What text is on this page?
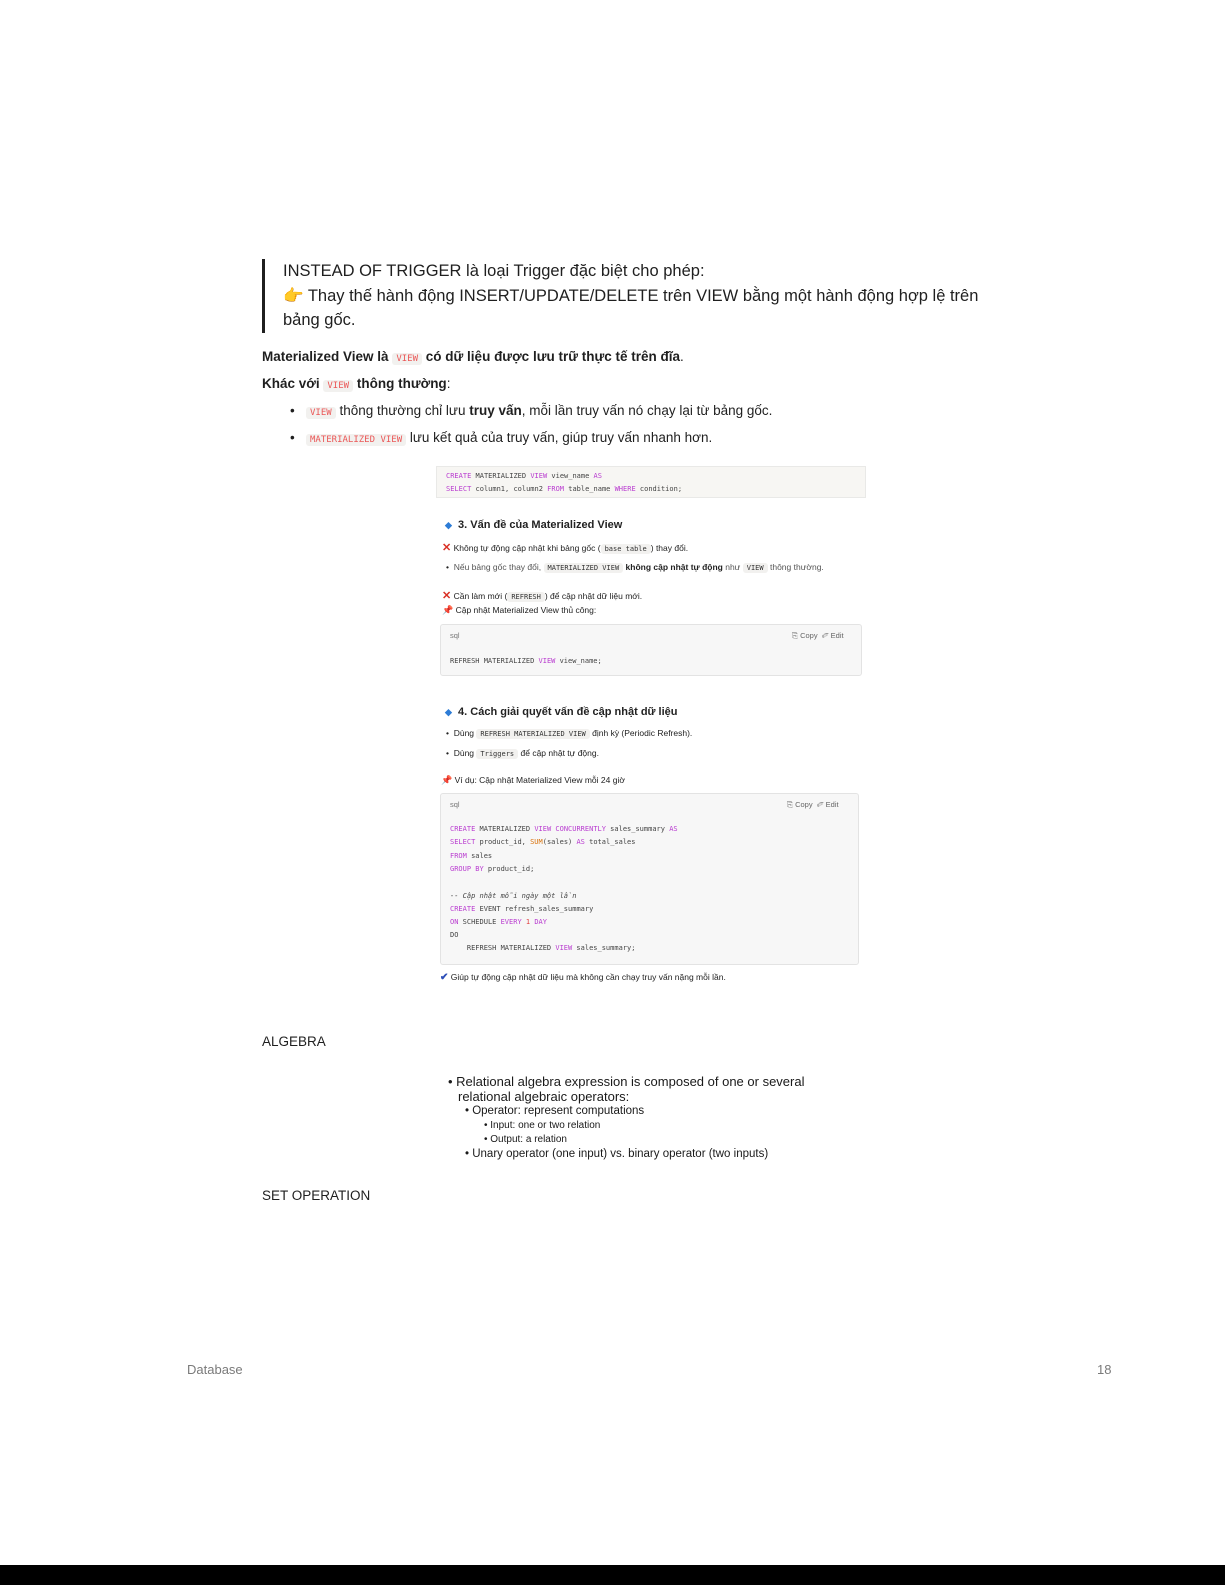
INSTEAD OF TRIGGER là loại Trigger đặc biệt cho phép:

👉 Thay thế hành động INSERT/UPDATE/DELETE trên VIEW bằng một hành động hợp lệ trên

bảng gốc.

Materialized View là VIEW có dữ liệu được lưu trữ thực tế trên đĩa.
Khác với VIEW thông thường:
• VIEW thông thường chỉ lưu truy vấn, mỗi lần truy vấn nó chạy lại từ bảng gốc.
• MATERIALIZED VIEW lưu kết quả của truy vấn, giúp truy vấn nhanh hơn.
CREATE MATERIALIZED VIEW view_name AS
SELECT column1, column2 FROM table_name WHERE condition;
◆ 3. Vấn đề của Materialized View
✕ Không tự động cập nhật khi bảng gốc ( base table ) thay đổi.
•  Nếu bảng gốc thay đổi, MATERIALIZED VIEW không cập nhật tự động như VIEW thông thường.
✕ Cần làm mới ( REFRESH ) để cập nhật dữ liệu mới.
📌 Cập nhật Materialized View thủ công:
sql	⎘ Copy ✐ Edit
REFRESH MATERIALIZED VIEW view_name;
◆ 4. Cách giải quyết vấn đề cập nhật dữ liệu
•  Dùng REFRESH MATERIALIZED VIEW định kỳ (Periodic Refresh).
•  Dùng Triggers để cập nhật tự động.
📌 Ví dụ: Cập nhật Materialized View mỗi 24 giờ
sql	⎘ Copy ✐ Edit
CREATE MATERIALIZED VIEW CONCURRENTLY sales_summary AS
SELECT product_id, SUM(sales) AS total_sales
FROM sales
GROUP BY product_id;
-- Cập nhật mỗi ngày một lần
CREATE EVENT refresh_sales_summary
ON SCHEDULE EVERY 1 DAY
DO
REFRESH MATERIALIZED VIEW sales_summary;
✔ Giúp tự động cập nhật dữ liệu mà không cần chạy truy vấn nặng mỗi lần.
ALGEBRA
• Relational algebra expression is composed of one or several
relational algebraic operators:
• Operator: represent computations
• Input: one or two relation
• Output: a relation
• Unary operator (one input) vs. binary operator (two inputs)
SET OPERATION
Database	18
